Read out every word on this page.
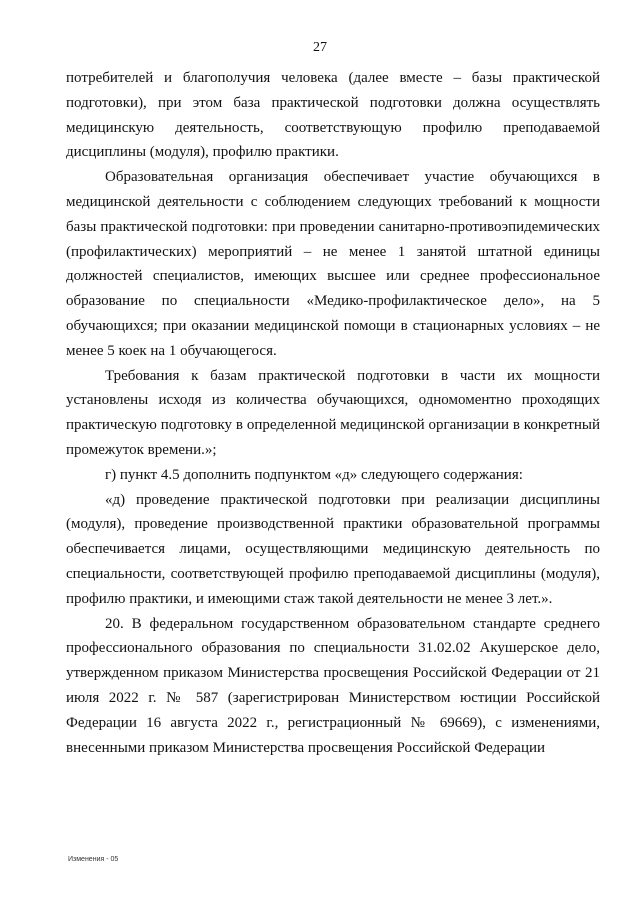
27

потребителей и благополучия человека (далее вместе – базы практической подготовки), при этом база практической подготовки должна осуществлять медицинскую деятельность, соответствующую профилю преподаваемой дисциплины (модуля), профилю практики.

Образовательная организация обеспечивает участие обучающихся в медицинской деятельности с соблюдением следующих требований к мощности базы практической подготовки: при проведении санитарно-противоэпидемических (профилактических) мероприятий – не менее 1 занятой штатной единицы должностей специалистов, имеющих высшее или среднее профессиональное образование по специальности «Медико-профилактическое дело», на 5 обучающихся; при оказании медицинской помощи в стационарных условиях – не менее 5 коек на 1 обучающегося.

Требования к базам практической подготовки в части их мощности установлены исходя из количества обучающихся, одномоментно проходящих практическую подготовку в определенной медицинской организации в конкретный промежуток времени.»;

г) пункт 4.5 дополнить подпунктом «д» следующего содержания:

«д) проведение практической подготовки при реализации дисциплины (модуля), проведение производственной практики образовательной программы обеспечивается лицами, осуществляющими медицинскую деятельность по специальности, соответствующей профилю преподаваемой дисциплины (модуля), профилю практики, и имеющими стаж такой деятельности не менее 3 лет.».

20. В федеральном государственном образовательном стандарте среднего профессионального образования по специальности 31.02.02 Акушерское дело, утвержденном приказом Министерства просвещения Российской Федерации от 21 июля 2022 г. № 587 (зарегистрирован Министерством юстиции Российской Федерации 16 августа 2022 г., регистрационный № 69669), с изменениями, внесенными приказом Министерства просвещения Российской Федерации

Изменения - 05
